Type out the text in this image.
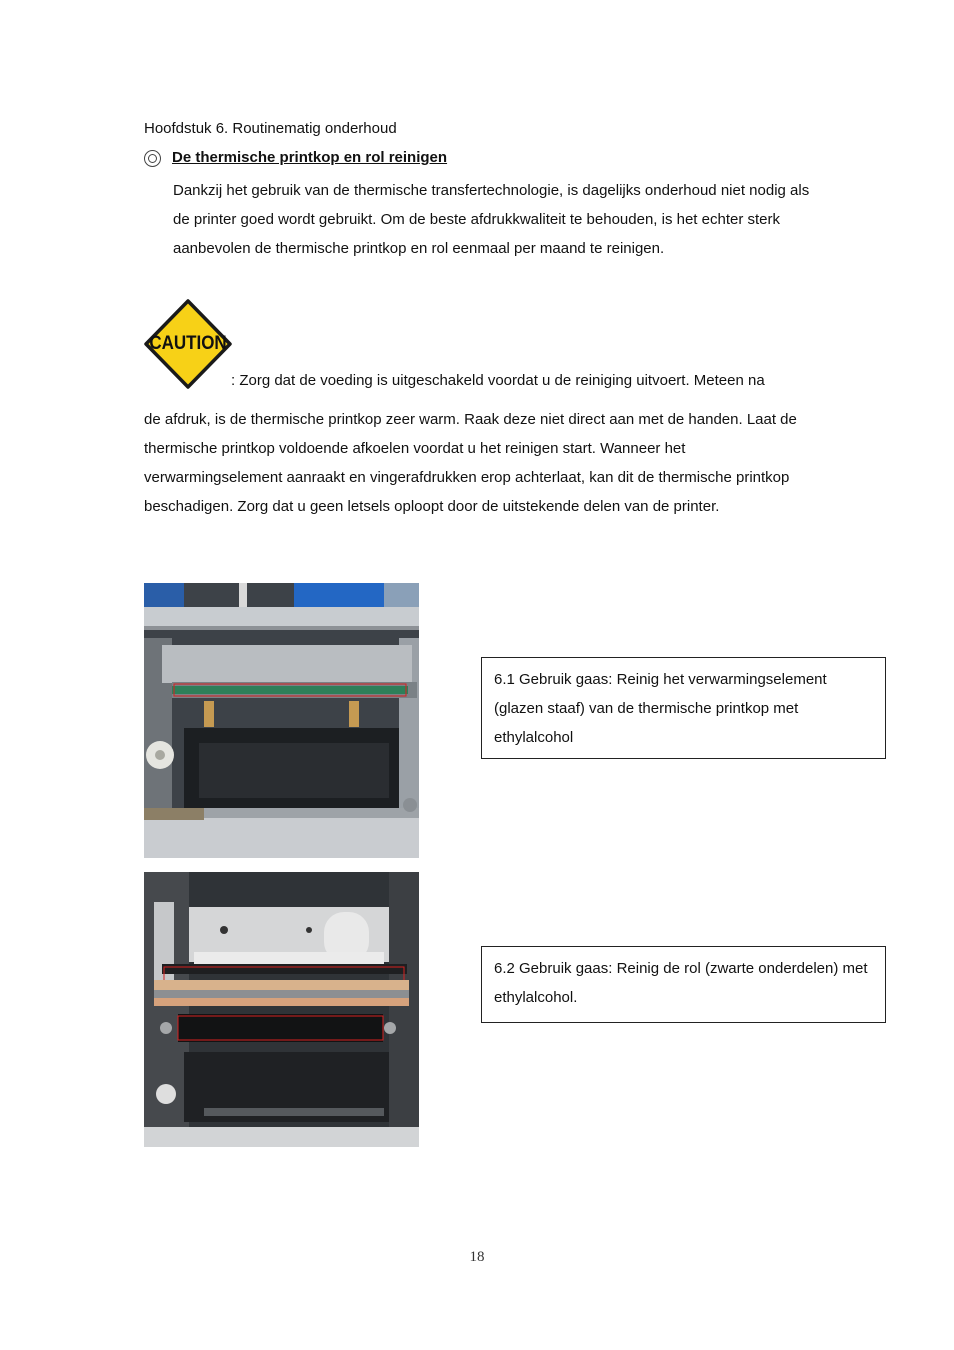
Hoofdstuk 6. Routinematig onderhoud
De thermische printkop en rol reinigen

Dankzij het gebruik van de thermische transfertechnologie, is dagelijks onderhoud niet nodig als de printer goed wordt gebruikt. Om de beste afdrukkwaliteit te behouden, is het echter sterk aanbevolen de thermische printkop en rol eenmaal per maand te reinigen.

CAUTION
: Zorg dat de voeding is uitgeschakeld voordat u de reiniging uitvoert. Meteen na

de afdruk, is de thermische printkop zeer warm. Raak deze niet direct aan met de handen. Laat de thermische printkop voldoende afkoelen voordat u het reinigen start. Wanneer het verwarmingselement aanraakt en vingerafdrukken erop achterlaat, kan dit de thermische printkop beschadigen. Zorg dat u geen letsels oploopt door de uitstekende delen van de printer.

6.1 Gebruik gaas: Reinig het verwarmingselement (glazen staaf) van de thermische printkop met ethylalcohol
6.2 Gebruik gaas: Reinig de rol (zwarte onderdelen) met ethylalcohol.
18
